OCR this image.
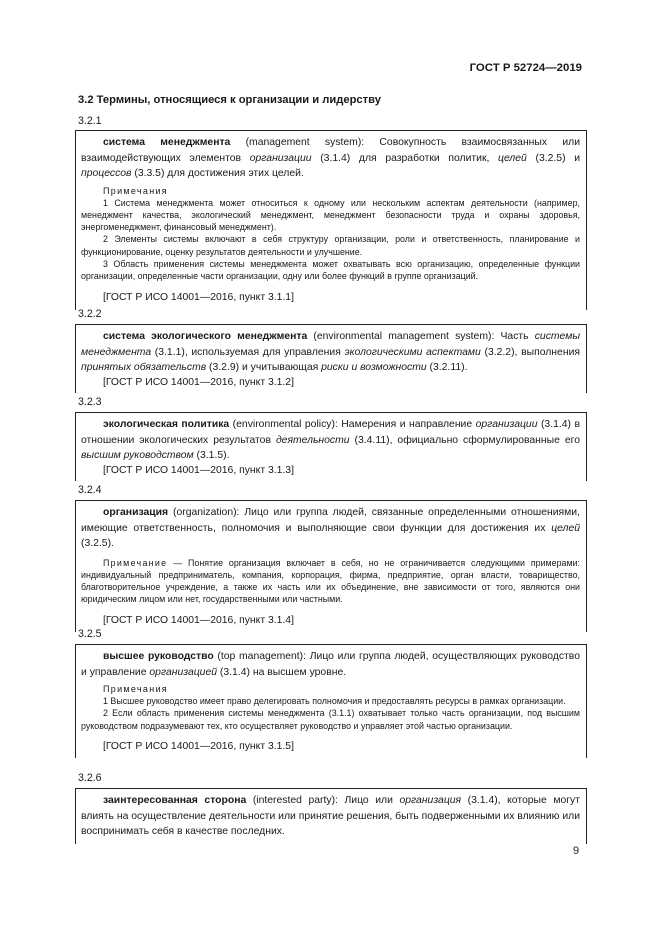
ГОСТ Р 52724—2019
3.2 Термины, относящиеся к организации и лидерству
3.2.1

система менеджмента (management system): Совокупность взаимосвязанных или взаимодействующих элементов организации (3.1.4) для разработки политик, целей (3.2.5) и процессов (3.3.5) для достижения этих целей.

Примечания

1 Система менеджмента может относиться к одному или нескольким аспектам деятельности (например, менеджмент качества, экологический менеджмент, менеджмент безопасности труда и охраны здоровья, энергоменеджмент, финансовый менеджмент).

2 Элементы системы включают в себя структуру организации, роли и ответственность, планирование и функционирование, оценку результатов деятельности и улучшение.

3 Область применения системы менеджмента может охватывать всю организацию, определенные функции организации, определенные части организации, одну или более функций в группе организаций.

[ГОСТ Р ИСО 14001—2016, пункт 3.1.1]
3.2.2

система экологического менеджмента (environmental management system): Часть системы менеджмента (3.1.1), используемая для управления экологическими аспектами (3.2.2), выполнения принятых обязательств (3.2.9) и учитывающая риски и возможности (3.2.11).

[ГОСТ Р ИСО 14001—2016, пункт 3.1.2]
3.2.3

экологическая политика (environmental policy): Намерения и направление организации (3.1.4) в отношении экологических результатов деятельности (3.4.11), официально сформулированные его высшим руководством (3.1.5).

[ГОСТ Р ИСО 14001—2016, пункт 3.1.3]
3.2.4

организация (organization): Лицо или группа людей, связанные определенными отношениями, имеющие ответственность, полномочия и выполняющие свои функции для достижения их целей (3.2.5).

Примечание — Понятие организация включает в себя, но не ограничивается следующими примерами: индивидуальный предприниматель, компания, корпорация, фирма, предприятие, орган власти, товарищество, благотворительное учреждение, а также их часть или их объединение, вне зависимости от того, являются они юридическим лицом или нет, государственными или частными.

[ГОСТ Р ИСО 14001—2016, пункт 3.1.4]
3.2.5

высшее руководство (top management): Лицо или группа людей, осуществляющих руководство и управление организацией (3.1.4) на высшем уровне.

Примечания

1 Высшее руководство имеет право делегировать полномочия и предоставлять ресурсы в рамках организации.

2 Если область применения системы менеджмента (3.1.1) охватывает только часть организации, под высшим руководством подразумевают тех, кто осуществляет руководство и управляет этой частью организации.

[ГОСТ Р ИСО 14001—2016, пункт 3.1.5]
3.2.6

заинтересованная сторона (interested party): Лицо или организация (3.1.4), которые могут влиять на осуществление деятельности или принятие решения, быть подверженными их влиянию или воспринимать себя в качестве последних.

9
